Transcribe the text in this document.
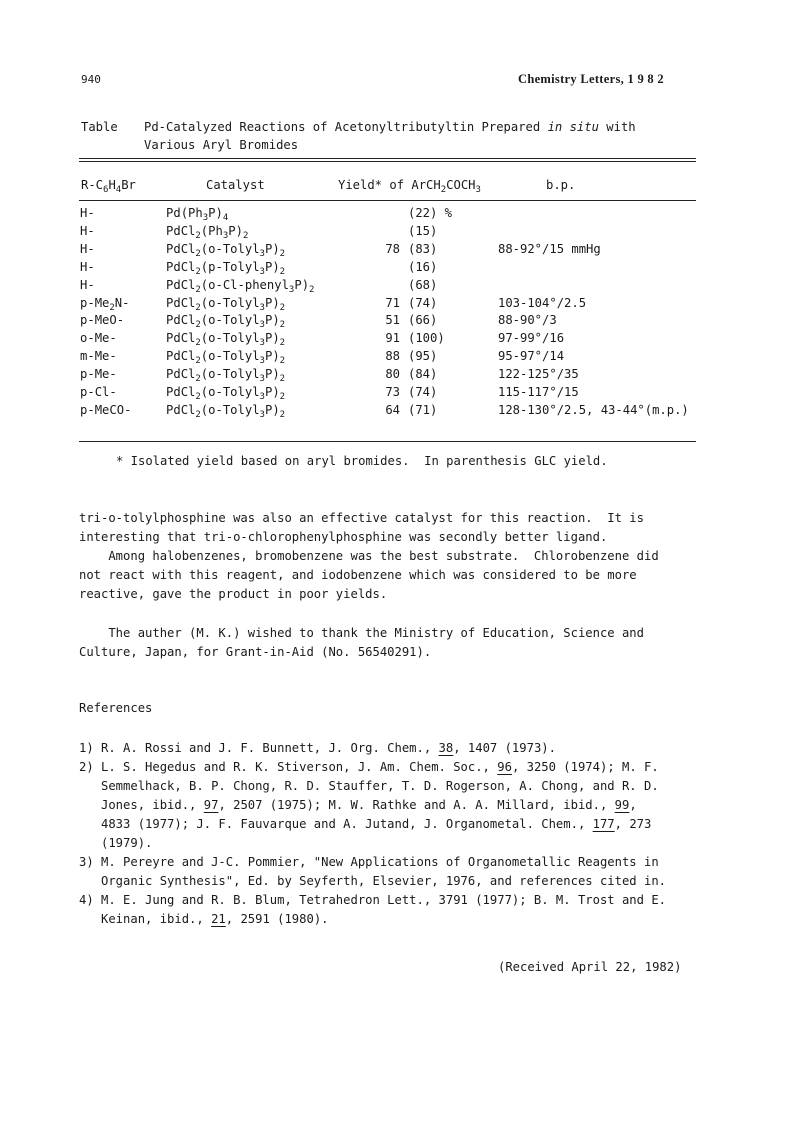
940	Chemistry Letters, 1 9 8 2
Table Pd-Catalyzed Reactions of Acetonyltributyltin Prepared in situ with
Various Aryl Bromides
$R-C_6H_4Br$	Catalyst	Yield* of $ArCH_2COCH_3$	b.p.
H-	$Pd(Ph_3P)_4$	(22) %
H-	$PdCl_2(Ph_3P)_2$	(15)
H-	$PdCl_2(o-Tolyl_3P)_2$	78 (83)	88-92°/15 mmHg
H-	$PdCl_2(p-Tolyl_3P)_2$	(16)
H-	$PdCl_2(o-Cl-phenyl_3P)_2$	(68)
$p-Me_2N-$	$PdCl_2(o-Tolyl_3P)_2$	71 (74)	103-104°/2.5
p-MeO-	$PdCl_2(o-Tolyl_3P)_2$	51 (66)	88-90°/3
o-Me-	$PdCl_2(o-Tolyl_3P)_2$	91 (100)	97-99°/16
m-Me-	$PdCl_2(o-Tolyl_3P)_2$	88 (95)	95-97°/14
p-Me-	$PdCl_2(o-Tolyl_3P)_2$	80 (84)	122-125°/35
p-Cl-	$PdCl_2(o-Tolyl_3P)_2$	73 (74)	115-117°/15
p-MeCO-	$PdCl_2(o-Tolyl_3P)_2$	64 (71)	128-130°/2.5, 43-44°(m.p.)
* Isolated yield based on aryl bromides.  In parenthesis GLC yield.
tri-o-tolylphosphine was also an effective catalyst for this reaction.  It is
interesting that tri-o-chlorophenylphosphine was secondly better ligand.
Among halobenzenes, bromobenzene was the best substrate.  Chlorobenzene did
not react with this reagent, and iodobenzene which was considered to be more
reactive, gave the product in poor yields.
The auther (M. K.) wished to thank the Ministry of Education, Science and
Culture, Japan, for Grant-in-Aid (No. 56540291).
References
1) R. A. Rossi and J. F. Bunnett, J. Org. Chem., 38, 1407 (1973).
2) L. S. Hegedus and R. K. Stiverson, J. Am. Chem. Soc., 96, 3250 (1974); M. F.
Semmelhack, B. P. Chong, R. D. Stauffer, T. D. Rogerson, A. Chong, and R. D.
Jones, ibid., 97, 2507 (1975); M. W. Rathke and A. A. Millard, ibid., 99,
4833 (1977); J. F. Fauvarque and A. Jutand, J. Organometal. Chem., 177, 273
(1979).
3) M. Pereyre and J-C. Pommier, "New Applications of Organometallic Reagents in
Organic Synthesis", Ed. by Seyferth, Elsevier, 1976, and references cited in.
4) M. E. Jung and R. B. Blum, Tetrahedron Lett., 3791 (1977); B. M. Trost and E.
Keinan, ibid., 21, 2591 (1980).
(Received April 22, 1982)
